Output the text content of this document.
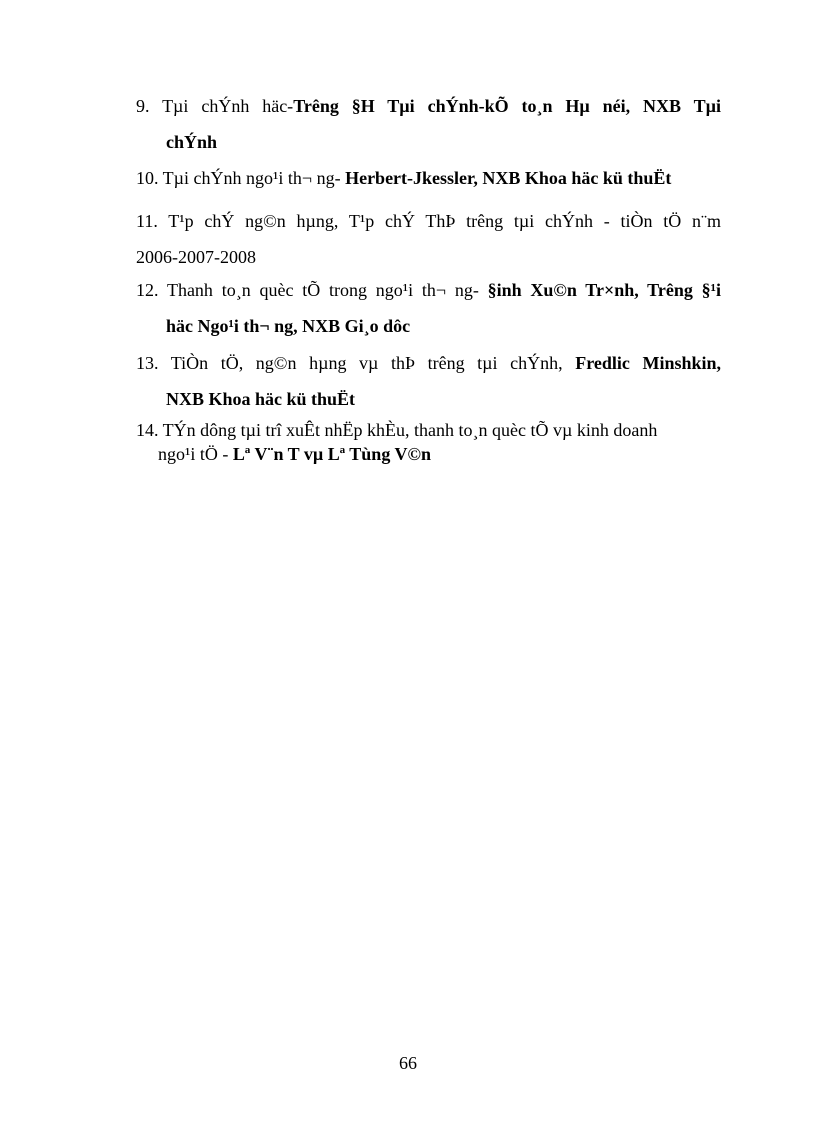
9. Tµi chÝnh häc-Trêng §H Tµi chÝnh-kÕ to¸n Hµ néi, NXB Tµi
chÝnh
10. Tµi chÝnh ngo¹i th¬ ng- Herbert-Jkessler, NXB Khoa häc kü thuËt
11. T¹p chÝ ng©n hµng, T¹p chÝ ThÞ trêng tµi chÝnh - tiÒn tÖ n¨m
2006-2007-2008
12. Thanh to¸n quèc tÕ trong ngo¹i th¬ ng- §inh Xu©n Tr×nh, Trêng §¹i
häc Ngo¹i th¬ ng, NXB Gi¸o dôc
13. TiÒn tÖ, ng©n hµng vµ thÞ trêng tµi chÝnh, Fredlic Minshkin,
NXB Khoa häc kü thuËt
14. TÝn dông tµi trî xuÊt nhËp khÈu, thanh to¸n quèc tÕ vµ kinh doanh
ngo¹i tÖ - Lª V¨n T vµ Lª Tùng V©n
66
